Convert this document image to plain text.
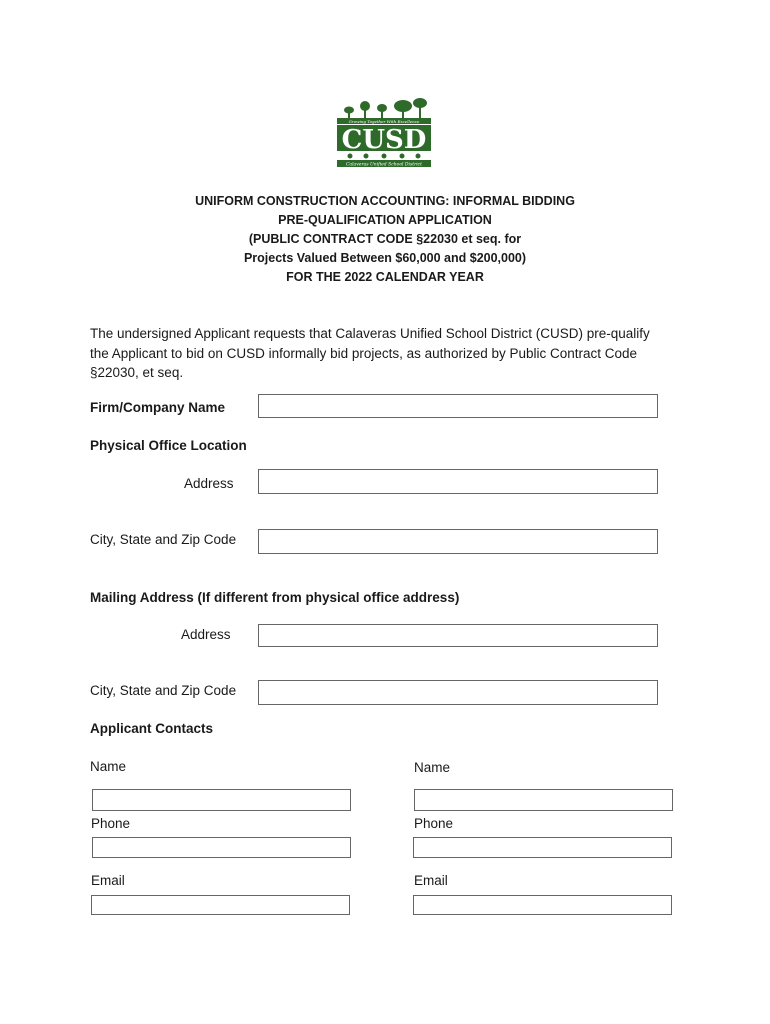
CUSD
Growing Together With Excellence
Calaveras Unified School District
UNIFORM CONSTRUCTION ACCOUNTING: INFORMAL BIDDING
PRE-QUALIFICATION APPLICATION
(PUBLIC CONTRACT CODE §22030 et seq. for
Projects Valued Between $60,000 and $200,000)
FOR THE 2022 CALENDAR YEAR
The undersigned Applicant requests that Calaveras Unified School District (CUSD) pre-qualify
the Applicant to bid on CUSD informally bid projects, as authorized by Public Contract Code
§22030, et seq.
Firm/Company Name
Physical Office Location
Address
City, State and Zip Code
Mailing Address (If different from physical office address)
Address
City, State and Zip Code
Applicant Contacts
Name
Phone
Email
Name
Phone
Email
